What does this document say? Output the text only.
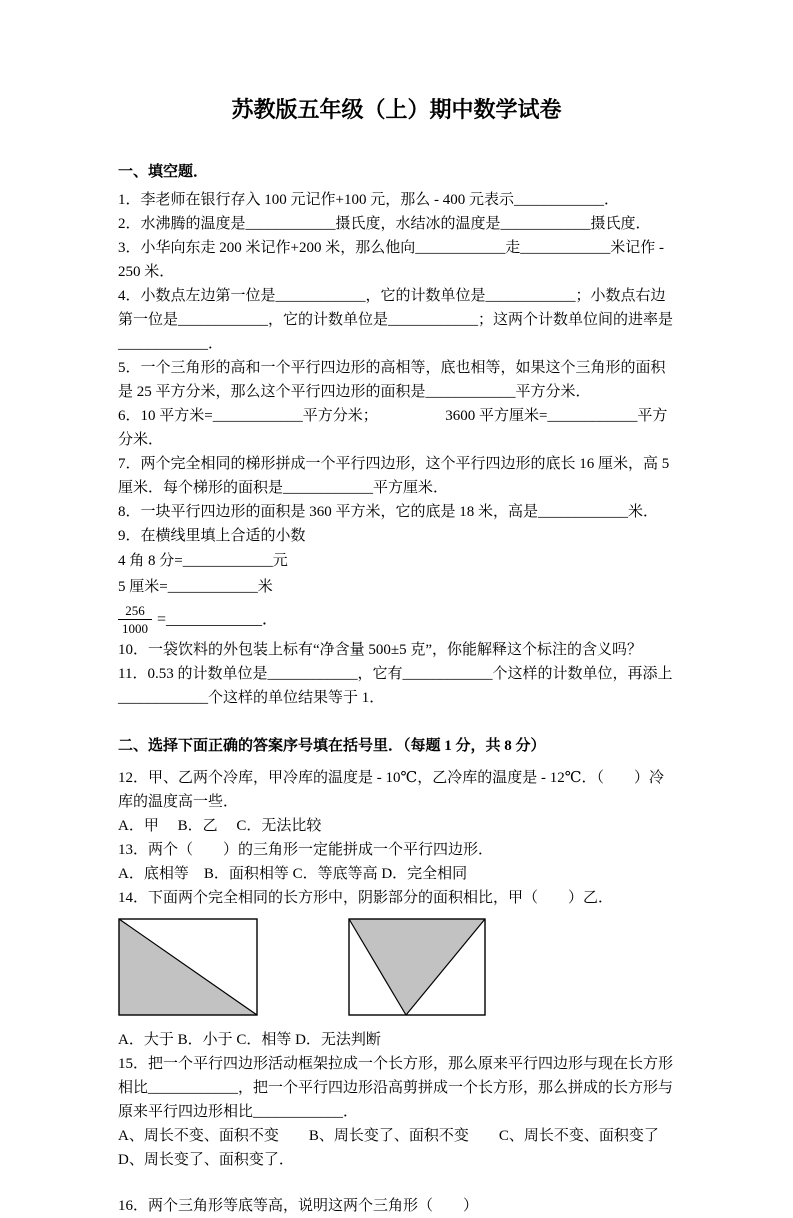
苏教版五年级（上）期中数学试卷

一、填空题．

1．李老师在银行存入 100 元记作+100 元，那么 - 400 元表示____________．

2．水沸腾的温度是____________摄氏度，水结冰的温度是____________摄氏度．

3．小华向东走 200 米记作+200 米，那么他向____________走____________米记作 - 250 米．

4．小数点左边第一位是____________，它的计数单位是____________；小数点右边第一位是____________，它的计数单位是____________；这两个计数单位间的进率是____________．

5．一个三角形的高和一个平行四边形的高相等，底也相等，如果这个三角形的面积是 25 平方分米，那么这个平行四边形的面积是____________平方分米．

6．10 平方米=____________平方分米；　　　　　3600 平方厘米=____________平方分米．

7．两个完全相同的梯形拼成一个平行四边形，这个平行四边形的底长 16 厘米，高 5 厘米．每个梯形的面积是____________平方厘米．

8．一块平行四边形的面积是 360 平方米，它的底是 18 米，高是____________米．

9．在横线里填上合适的小数

4 角 8 分=____________元

5 厘米=____________米

$\frac{256}{1000}$ =____________．

10．一袋饮料的外包装上标有“净含量 500±5 克”，你能解释这个标注的含义吗？

11．0.53 的计数单位是____________，它有____________个这样的计数单位，再添上____________个这样的单位结果等于 1．

二、选择下面正确的答案序号填在括号里．（每题 1 分，共 8 分）

12．甲、乙两个冷库，甲冷库的温度是 - 10℃，乙冷库的温度是 - 12℃．（　　）冷库的温度高一些．

A．甲　 B．乙　 C．无法比较

13．两个（　　）的三角形一定能拼成一个平行四边形．

A．底相等　B．面积相等 C．等底等高 D．完全相同

14．下面两个完全相同的长方形中，阴影部分的面积相比，甲（　　）乙．

A．大于 B．小于 C．相等 D．无法判断

15．把一个平行四边形活动框架拉成一个长方形，那么原来平行四边形与现在长方形相比____________，把一个平行四边形沿高剪拼成一个长方形，那么拼成的长方形与原来平行四边形相比____________．

A、周长不变、面积不变　　B、周长变了、面积不变　　C、周长不变、面积变了　　D、周长变了、面积变了．

16．两个三角形等底等高，说明这两个三角形（　　）
